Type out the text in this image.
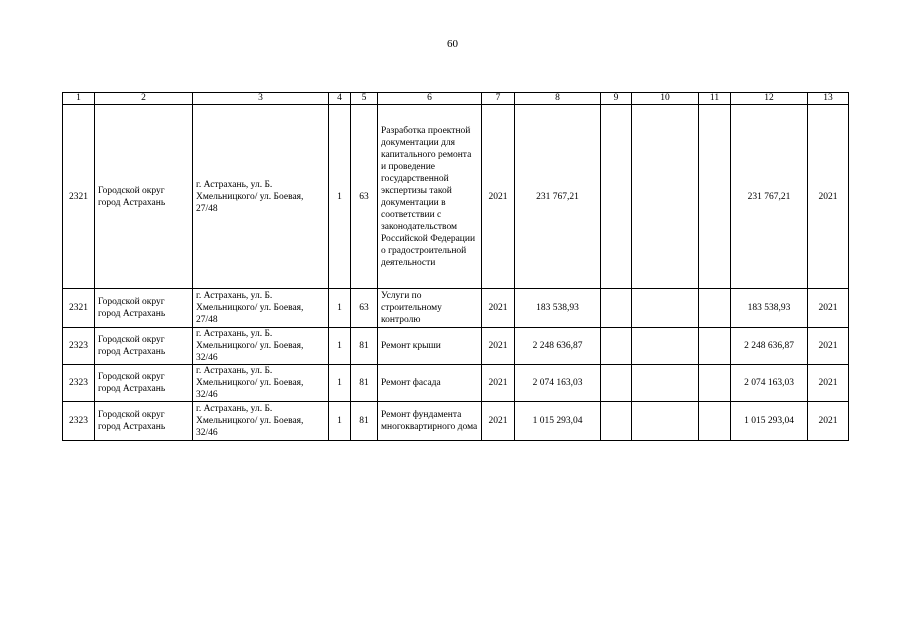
60
1	2	3	4	5	6	7	8	9	10	11	12	13
2321	Городской округ город Астрахань	г. Астрахань, ул. Б. Хмельницкого/ ул. Боевая, 27/48	1	63	Разработка проектной документации для капитального ремонта и проведение государственной экспертизы такой документации в соответствии с законодательством Российской Федерации о градостроительной деятельности	2021	231 767,21				231 767,21	2021
2321	Городской округ город Астрахань	г. Астрахань, ул. Б. Хмельницкого/ ул. Боевая, 27/48	1	63	Услуги по строительному контролю	2021	183 538,93				183 538,93	2021
2323	Городской округ город Астрахань	г. Астрахань, ул. Б. Хмельницкого/ ул. Боевая, 32/46	1	81	Ремонт крыши	2021	2 248 636,87				2 248 636,87	2021
2323	Городской округ город Астрахань	г. Астрахань, ул. Б. Хмельницкого/ ул. Боевая, 32/46	1	81	Ремонт фасада	2021	2 074 163,03				2 074 163,03	2021
2323	Городской округ город Астрахань	г. Астрахань, ул. Б. Хмельницкого/ ул. Боевая, 32/46	1	81	Ремонт фундамента многоквартирного дома	2021	1 015 293,04				1 015 293,04	2021
